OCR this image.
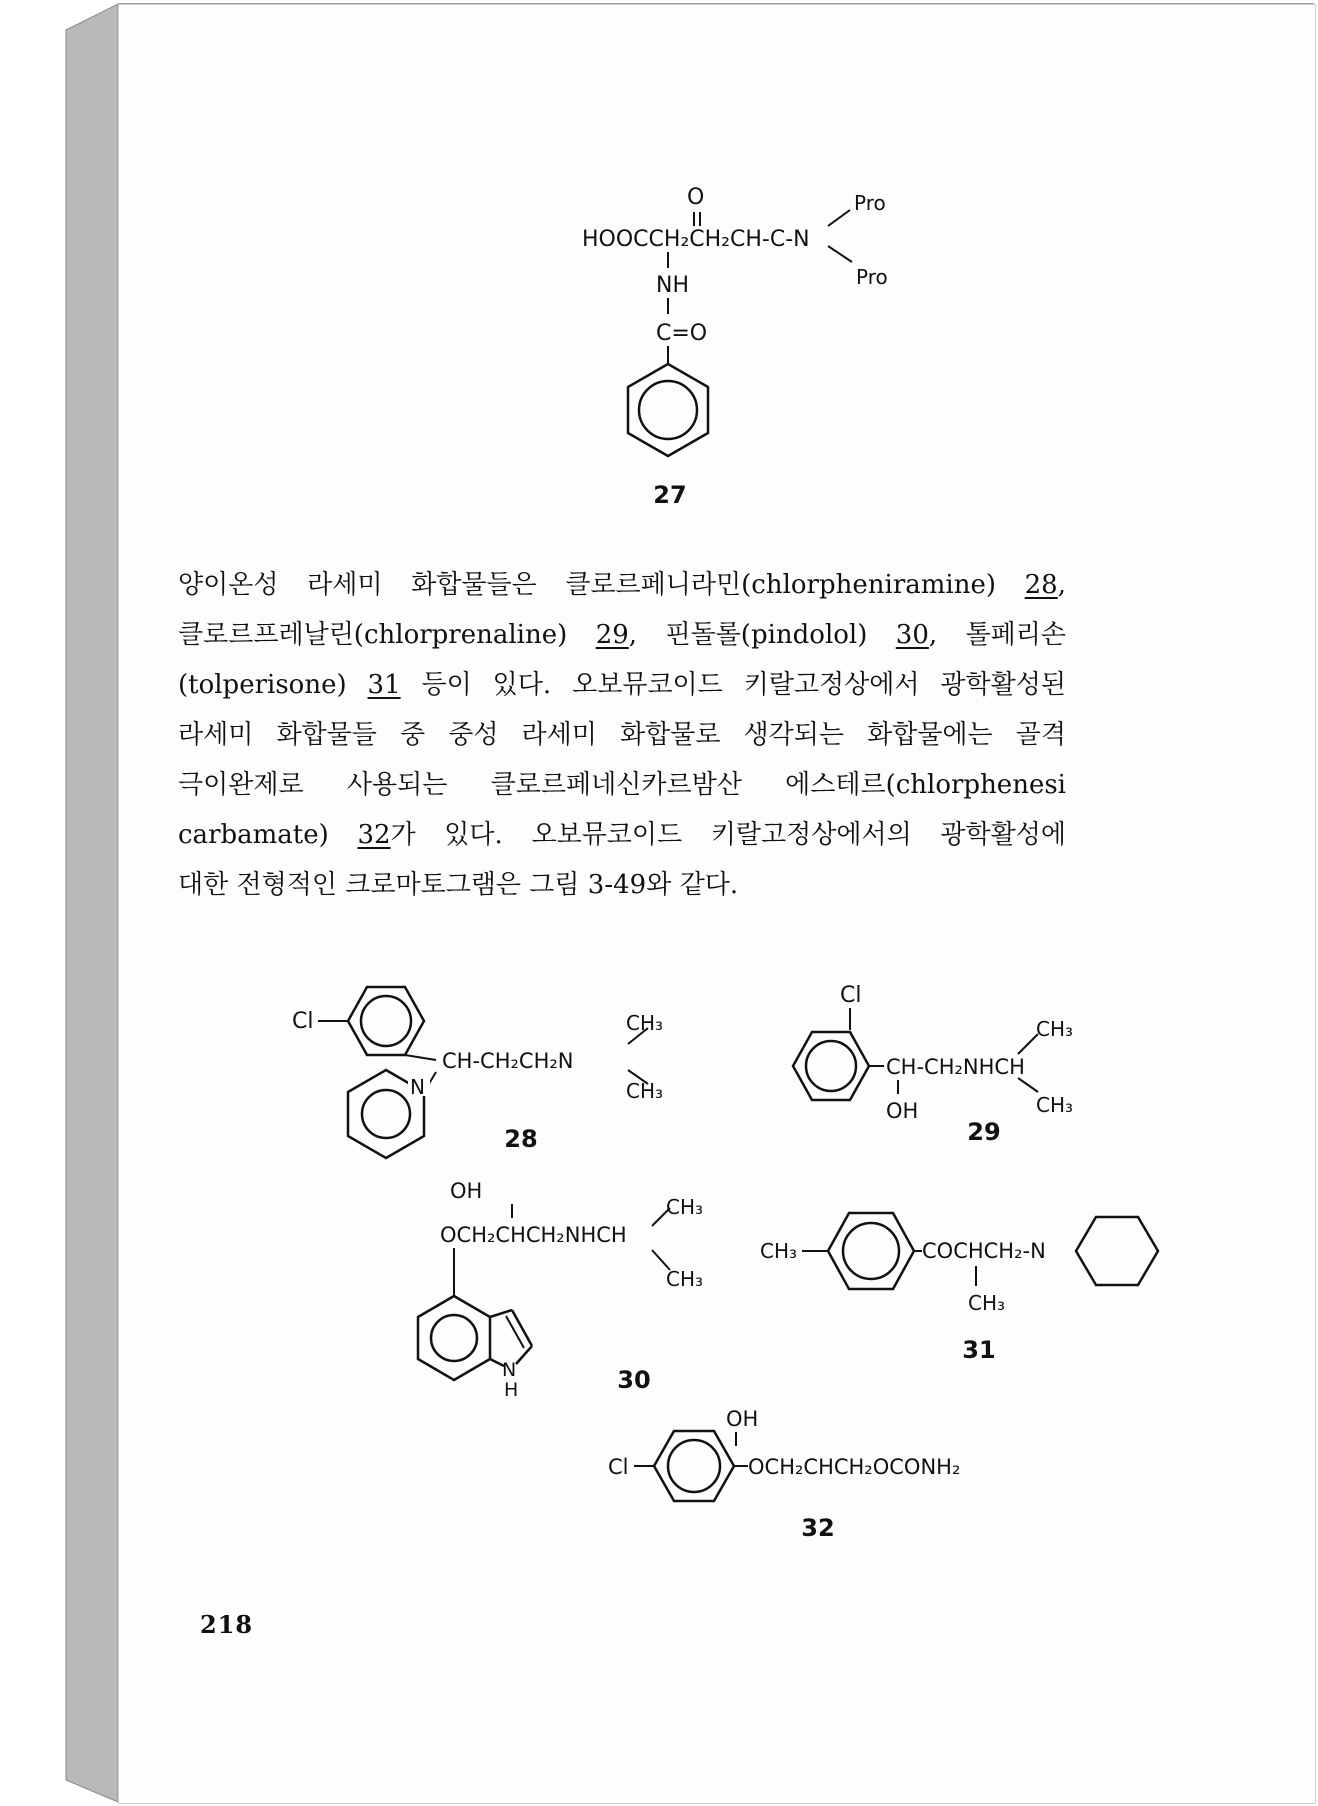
O
HOOCCH₂CH₂CH-C-N
Pro
Pro
NH
C=O
27
양이온성 라세미 화합물들은 클로르페니라민(chlorpheniramine) 28,
클로르프레날린(chlorprenaline) 29, 핀돌롤(pindolol) 30, 톨페리손
(tolperisone) 31 등이 있다. 오보뮤코이드 키랄고정상에서 광학활성된
라세미 화합물들 중 중성 라세미 화합물로 생각되는 화합물에는 골격
극이완제로 사용되는 클로르페네신카르밤산 에스테르(chlorphenesi
carbamate) 32가 있다. 오보뮤코이드 키랄고정상에서의 광학활성에
대한 전형적인 크로마토그램은 그림 3-49와 같다.
Cl
CH-CH₂CH₂N
N
CH₃
CH₃
28
Cl
CH-CH₂NHCH
OH
CH₃
CH₃
29
OH
OCH₂CHCH₂NHCH
CH₃
CH₃
N
H	30
CH₃	COCHCH₂-N
CH₃
31
OH
Cl	OCH₂CHCH₂OCONH₂
32
218
